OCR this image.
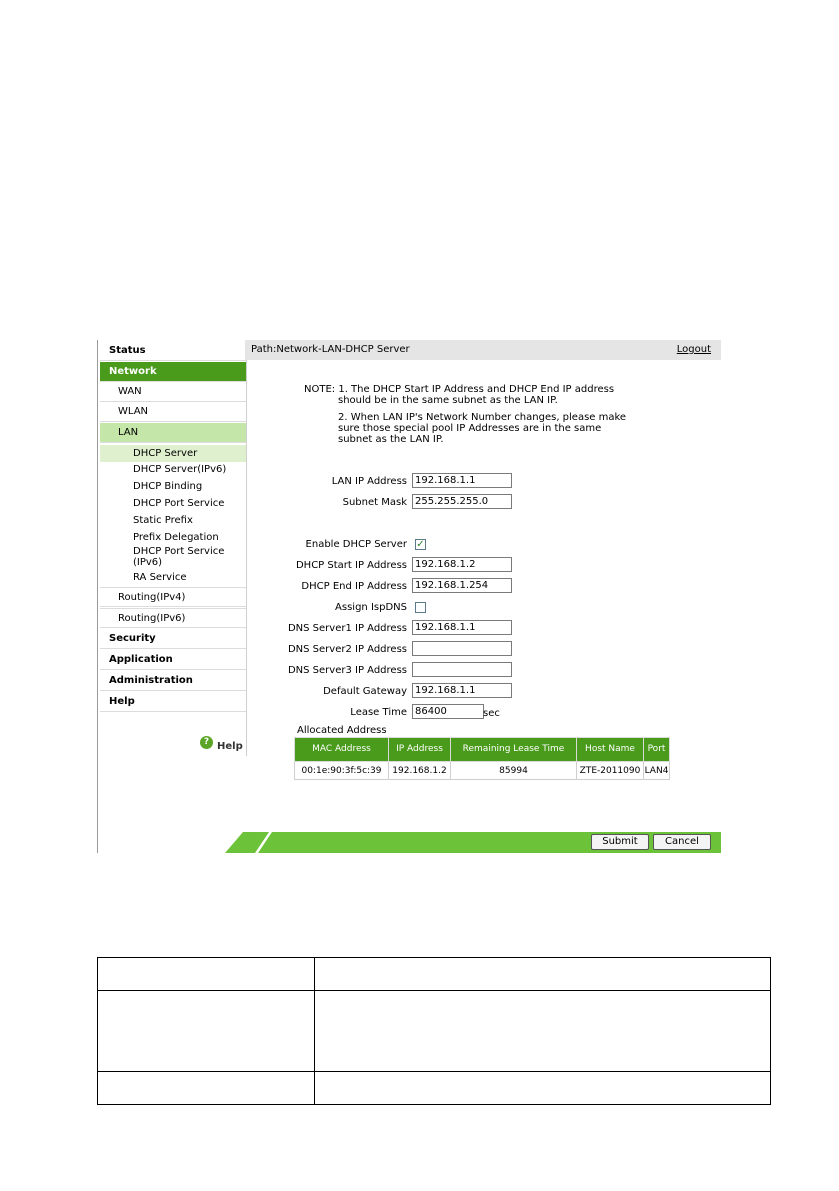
Status
Network
WAN
WLAN
LAN
DHCP Server
DHCP Server(IPv6)
DHCP Binding
DHCP Port Service
Static Prefix
Prefix Delegation
DHCP Port Service
(IPv6)
RA Service
Routing(IPv4)
Routing(IPv6)
Security
Application
Administration
Help
? Help
Path:Network-LAN-DHCP Server	Logout
NOTE: 1. The DHCP Start IP Address and DHCP End IP address
should be in the same subnet as the LAN IP.
2. When LAN IP's Network Number changes, please make
sure those special pool IP Addresses are in the same
subnet as the LAN IP.
LAN IP Address 192.168.1.1
Subnet Mask 255.255.255.0
Enable DHCP Server ✓
DHCP Start IP Address 192.168.1.2
DHCP End IP Address 192.168.1.254
Assign IspDNS
DNS Server1 IP Address 192.168.1.1
DNS Server2 IP Address
DNS Server3 IP Address
Default Gateway 192.168.1.1
Lease Time 86400	sec
Allocated Address
MAC Address	IP Address	Remaining Lease Time	Host Name	Port
00:1e:90:3f:5c:39	192.168.1.2	85994	ZTE-2011090	LAN4
Submit	Cancel
